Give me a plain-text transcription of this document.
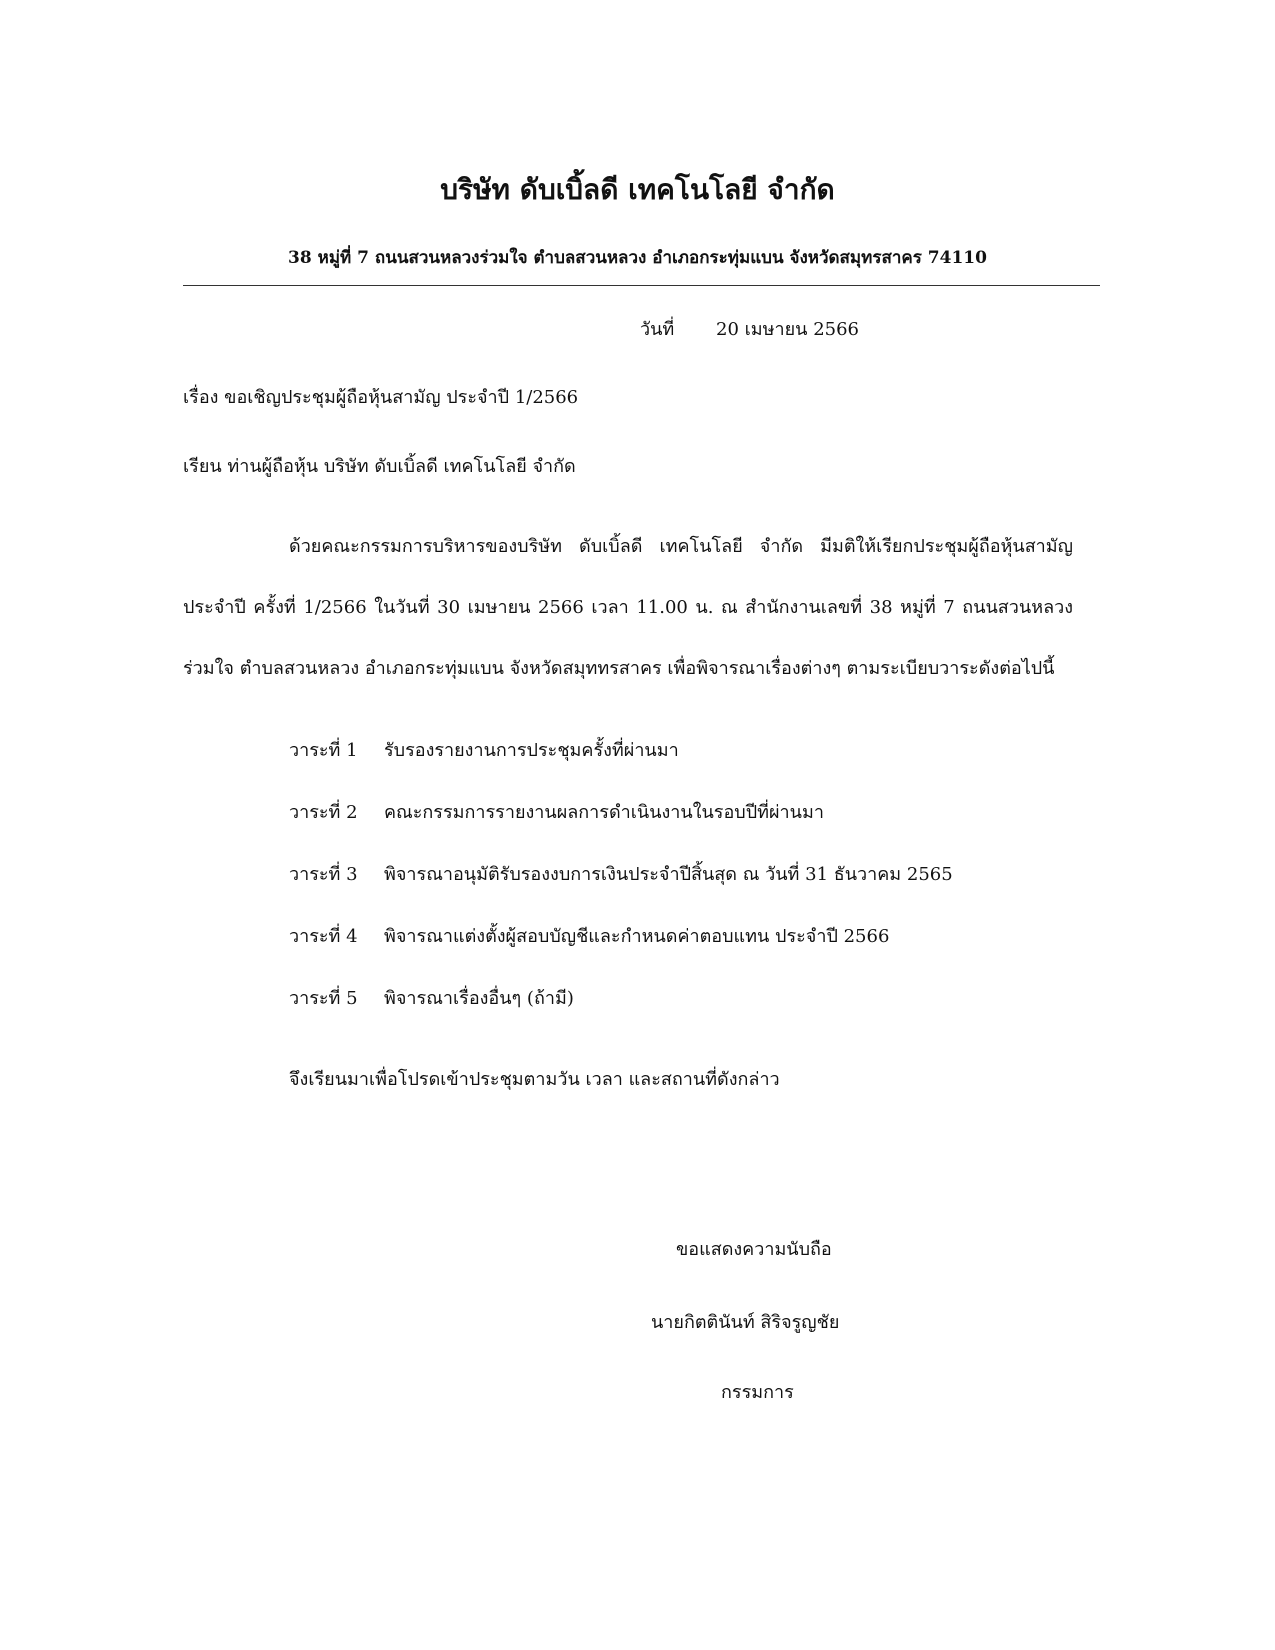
บริษัท ดับเบิ้ลดี เทคโนโลยี จำกัด
38 หมู่ที่ 7 ถนนสวนหลวงร่วมใจ ตำบลสวนหลวง อำเภอกระทุ่มแบน จังหวัดสมุทรสาคร 74110
วันที่ 20 เมษายน 2566
เรื่อง ขอเชิญประชุมผู้ถือหุ้นสามัญ ประจำปี 1/2566
เรียน ท่านผู้ถือหุ้น บริษัท ดับเบิ้ลดี เทคโนโลยี จำกัด
ด้วยคณะกรรมการบริหารของบริษัท ดับเบิ้ลดี เทคโนโลยี จำกัด มีมติให้เรียกประชุมผู้ถือหุ้นสามัญประจำปี ครั้งที่ 1/2566 ในวันที่ 30 เมษายน 2566 เวลา 11.00 น. ณ สำนักงานเลขที่ 38 หมู่ที่ 7 ถนนสวนหลวงร่วมใจ ตำบลสวนหลวง อำเภอกระทุ่มแบน จังหวัดสมุททรสาคร เพื่อพิจารณาเรื่องต่างๆ ตามระเบียบวาระดังต่อไปนี้
วาระที่ 1 รับรองรายงานการประชุมครั้งที่ผ่านมา
วาระที่ 2 คณะกรรมการรายงานผลการดำเนินงานในรอบปีที่ผ่านมา
วาระที่ 3 พิจารณาอนุมัติรับรองงบการเงินประจำปีสิ้นสุด ณ วันที่ 31 ธันวาคม 2565
วาระที่ 4 พิจารณาแต่งตั้งผู้สอบบัญชีและกำหนดค่าตอบแทน ประจำปี 2566
วาระที่ 5 พิจารณาเรื่องอื่นๆ (ถ้ามี)
จึงเรียนมาเพื่อโปรดเข้าประชุมตามวัน เวลา และสถานที่ดังกล่าว
ขอแสดงความนับถือ
นายกิตตินันท์ สิริจรูญชัย
กรรมการ
